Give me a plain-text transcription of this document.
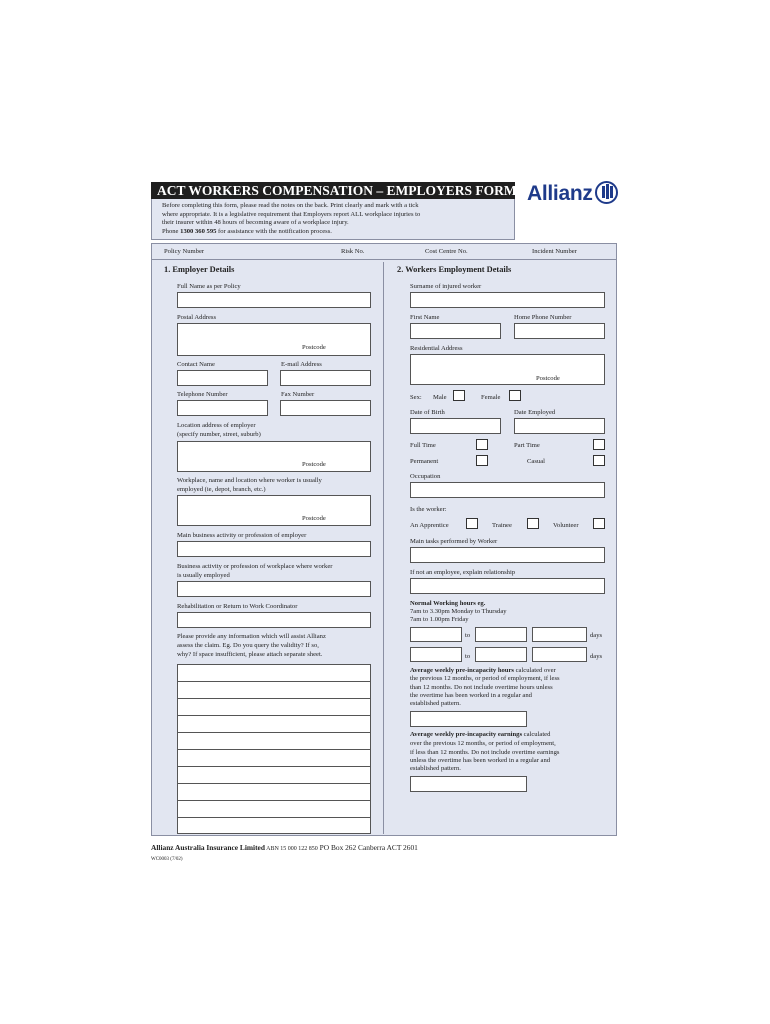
ACT WORKERS COMPENSATION – EMPLOYERS FORM

Before completing this form, please read the notes on the back. Print clearly and mark with a tick

where appropriate. It is a legislative requirement that Employers report ALL workplace injuries to

their insurer within 48 hours of becoming aware of a workplace injury.

Phone 1300 360 595 for assistance with the notification process.

Allianz
Policy Number	Risk No.	Cost Centre No.	Incident Number
1. Employer Details
Full Name as per Policy
Postal Address
Postcode
Contact Name	E-mail Address
Telephone Number	Fax Number
Location address of employer
(specify number, street, suburb)
Postcode
Workplace, name and location where worker is usually
employed (ie, depot, branch, etc.)
Postcode
Main business activity or profession of employer
Business activity or profession of workplace where worker
is usually employed
Rehabilitation or Return to Work Coordinator
Please provide any information which will assist Allianz
assess the claim. Eg. Do you query the validity? If so,
why? If space insufficient, please attach separate sheet.
2. Workers Employment Details
Surname of injured worker
First Name	Home Phone Number
Residential Address
Postcode
Sex: Male	Female
Date of Birth	Date Employed
Full Time	Part Time
Permanent	Casual
Occupation
Is the worker:
An Apprentice	Trainee	Volunteer
Main tasks performed by Worker
If not an employee, explain relationship
Normal Working hours eg.
7am to 3.30pm Monday to Thursday
7am to 1.00pm Friday
to	days
to	days
Average weekly pre-incapacity hours calculated over
the previous 12 months, or period of employment, if less
than 12 months. Do not include overtime hours unless
the overtime has been worked in a regular and
established pattern.
Average weekly pre-incapacity earnings calculated
over the previous 12 months, or period of employment,
if less than 12 months. Do not include overtime earnings
unless the overtime has been worked in a regular and
established pattern.
Allianz Australia Insurance Limited ABN 15 000 122 850 PO Box 262 Canberra ACT 2601
WC0003 (7/02)
